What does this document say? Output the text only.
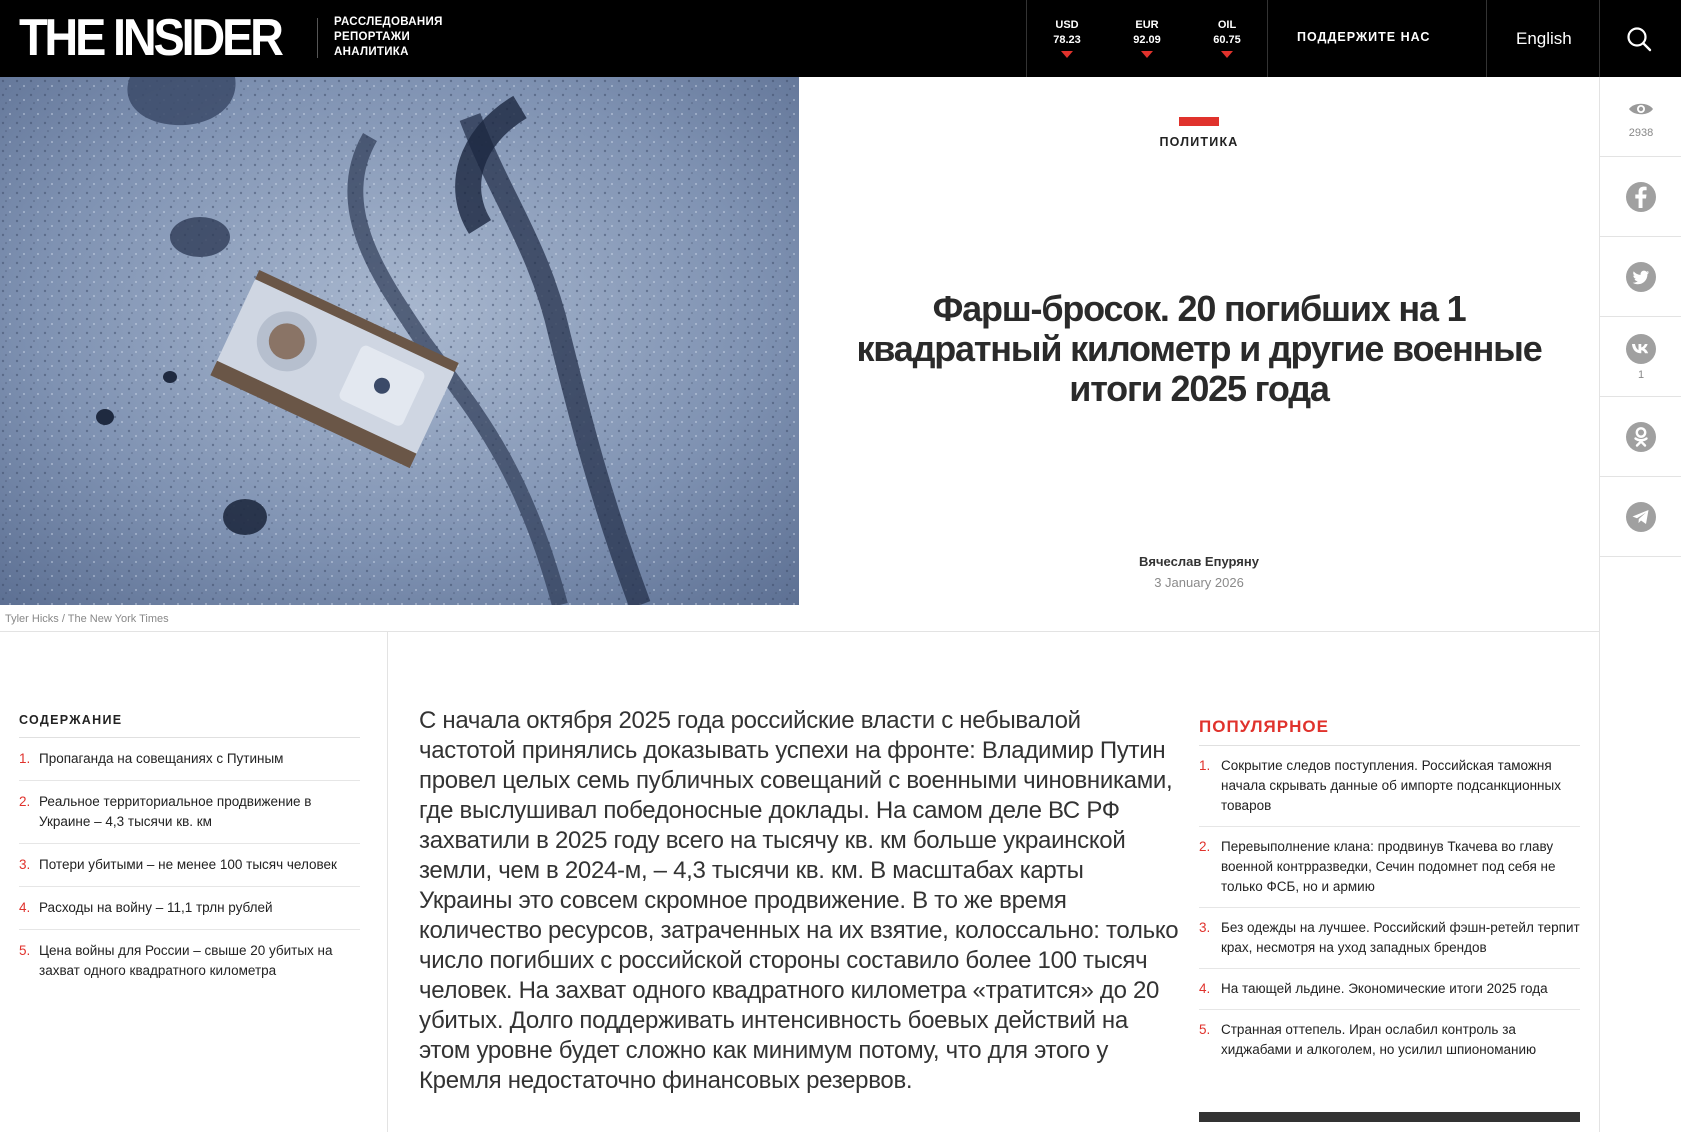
THE INSIDER	РАССЛЕДОВАНИЯ
РЕПОРТАЖИ
АНАЛИТИКА
USD
78.23
EUR
92.09
OIL
60.75	ПОДДЕРЖИТЕ НАС	English
Tyler Hicks / The New York Times
ПОЛИТИКА
Фарш-бросок. 20 погибших на 1 квадратный километр и другие военные итоги 2025 года
Вячеслав Епуряну
3 January 2026
2938
1
СОДЕРЖАНИЕ
1. Пропаганда на совещаниях с Путиным
2. Реальное территориальное продвижение в Украине – 4,3 тысячи кв. км
3. Потери убитыми – не менее 100 тысяч человек
4. Расходы на войну – 11,1 трлн рублей
5. Цена войны для России – свыше 20 убитых на захват одного квадратного километра

С начала октября 2025 года российские власти с небывалой частотой принялись доказывать успехи на фронте: Владимир Путин провел целых семь публичных совещаний с военными чиновниками, где выслушивал победоносные доклады. На самом деле ВС РФ захватили в 2025 году всего на тысячу кв. км больше украинской земли, чем в 2024-м, – 4,3 тысячи кв. км. В масштабах карты Украины это совсем скромное продвижение. В то же время количество ресурсов, затраченных на их взятие, колоссально: только число погибших с российской стороны составило более 100 тысяч человек. На захват одного квадратного километра «тратится» до 20 убитых. Долго поддерживать интенсивность боевых действий на этом уровне будет сложно как минимум потому, что для этого у Кремля недостаточно финансовых резервов.

ПОПУЛЯРНОЕ
1. Сокрытие следов поступления. Российская таможня начала скрывать данные об импорте подсанкционных товаров
2. Перевыполнение клана: продвинув Ткачева во главу военной контрразведки, Сечин подомнет под себя не только ФСБ, но и армию
3. Без одежды на лучшее. Российский фэшн-ретейл терпит крах, несмотря на уход западных брендов
4. На тающей льдине. Экономические итоги 2025 года
5. Странная оттепель. Иран ослабил контроль за хиджабами и алкоголем, но усилил шпиономанию
